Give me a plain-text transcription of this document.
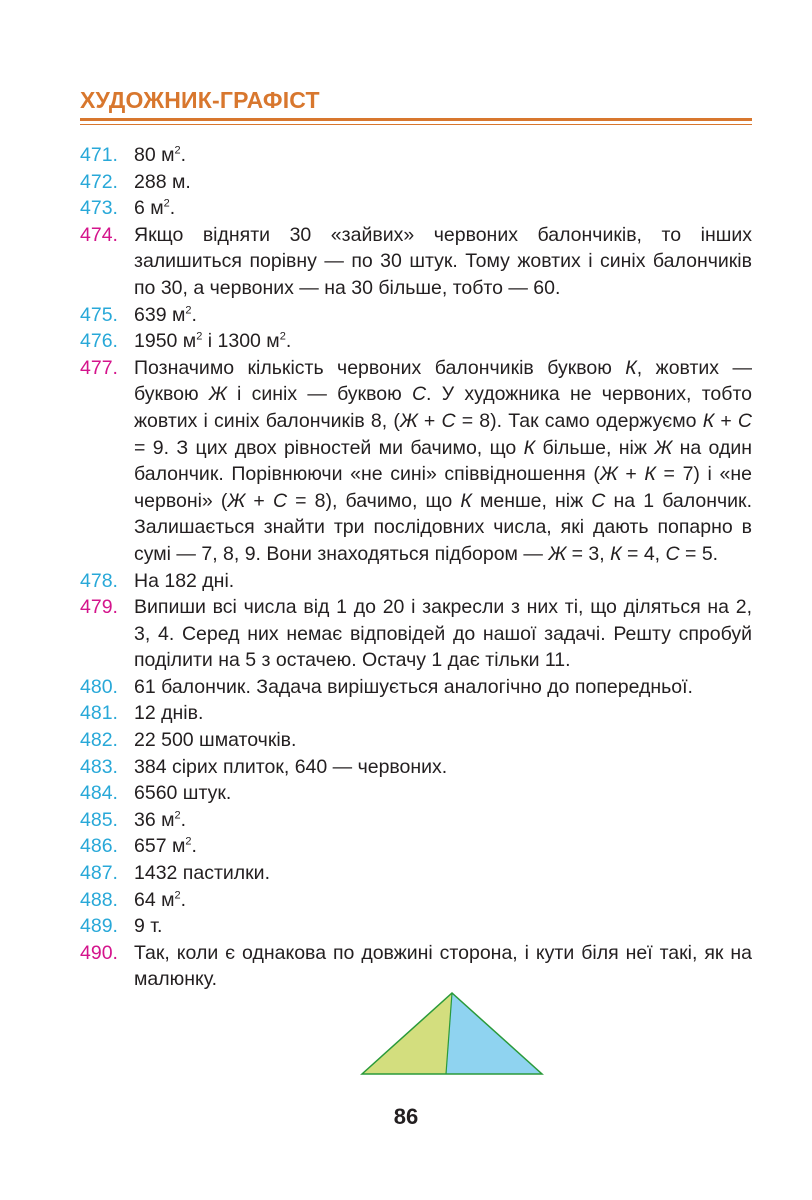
ХУДОЖНИК-ГРАФІСТ
471. 80 $м^2$.
472. 288 м.
473. 6 $м^2$.
474. Якщо відняти 30 «зайвих» червоних балончиків, то інших залишиться порівну — по 30 штук. Тому жовтих і синіх балончиків по 30, а червоних — на 30 більше, тобто — 60.
475. 639 $м^2$.
476. 1950 $м^2$ і 1300 $м^2$.
477. Позначимо кількість червоних балончиків буквою К, жовтих — буквою Ж і синіх — буквою С. У художника не червоних, тобто жовтих і синіх балончиків 8, (Ж + С = 8). Так само одержуємо К + С = 9. З цих двох рівностей ми бачимо, що К більше, ніж Ж на один балончик. Порівнюючи «не сині» співвідношення (Ж + К = 7) і «не червоні» (Ж + С = 8), бачимо, що К менше, ніж С на 1 балончик. Залишається знайти три послідовних числа, які дають попарно в сумі — 7, 8, 9. Вони знаходяться підбором — Ж = 3, К = 4, С = 5.
478. На 182 дні.
479. Випиши всі числа від 1 до 20 і закресли з них ті, що діляться на 2, 3, 4. Серед них немає відповідей до нашої задачі. Решту спробуй поділити на 5 з остачею. Остачу 1 дає тільки 11.
480. 61 балончик. Задача вирішується аналогічно до попередньої.
481. 12 днів.
482. 22 500 шматочків.
483. 384 сірих плиток, 640 — червоних.
484. 6560 штук.
485. 36 $м^2$.
486. 657 $м^2$.
487. 1432 пастилки.
488. 64 $м^2$.
489. 9 т.
490. Так, коли є однакова по довжині сторона, і кути біля неї такі, як на малюнку.
86
